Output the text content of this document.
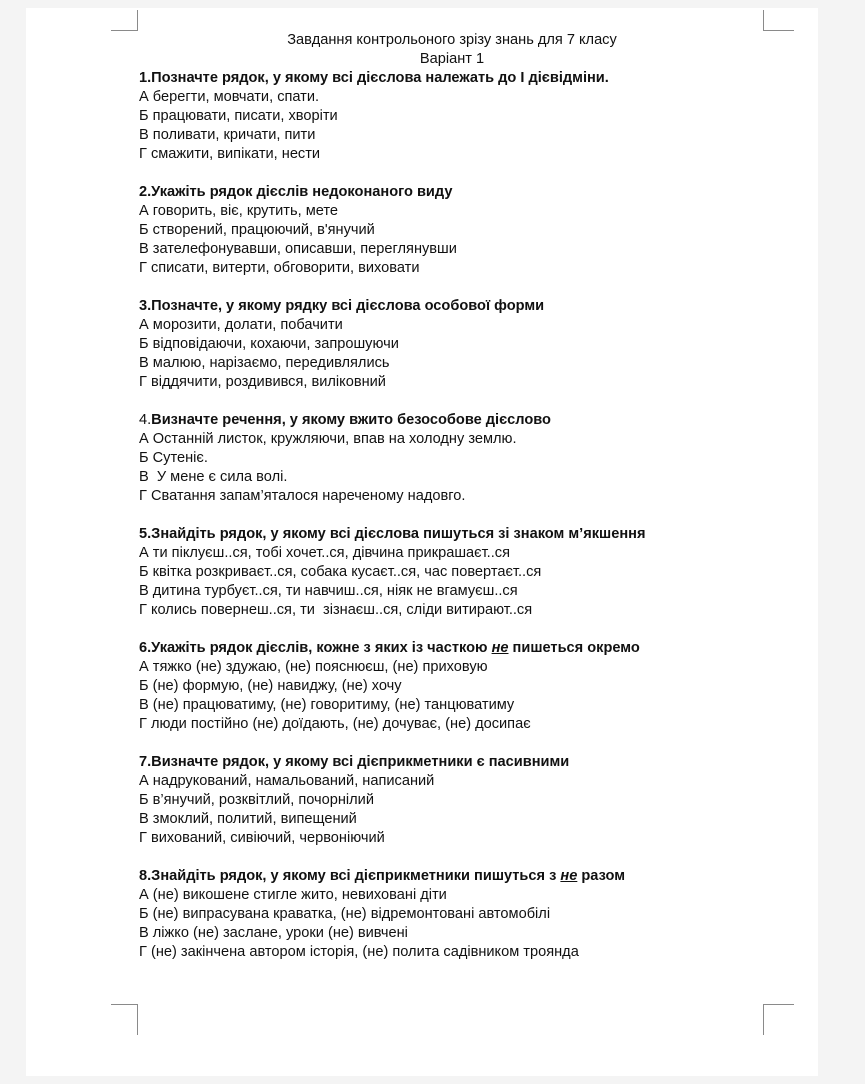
Завдання контрольоного зрізу знань для 7 класу
Варіант 1
1.Позначте рядок, у якому всі дієслова належать до І дієвідміни.
А берегти, мовчати, спати.
Б працювати, писати, хворіти
В поливати, кричати, пити
Г смажити, випікати, нести
2.Укажіть рядок дієслів недоконаного виду
А говорить, віє, крутить, мете
Б створений, працюючий, в'янучий
В зателефонувавши, описавши, переглянувши
Г списати, витерти, обговорити, виховати
3.Позначте, у якому рядку всі дієслова особової форми
А морозити, долати, побачити
Б відповідаючи, кохаючи, запрошуючи
В малюю, нарізаємо, передивлялись
Г віддячити, роздивився, виліковний
4.Визначте речення, у якому вжито безособове дієслово
А Останній листок, кружляючи, впав на холодну землю.
Б Сутеніє.
В  У мене є сила волі.
Г Сватання запам’яталося нареченому надовго.
5.Знайдіть рядок, у якому всі дієслова пишуться зі знаком м’якшення
А ти піклуєш..ся, тобі хочет..ся, дівчина прикрашаєт..ся
Б квітка розкриваєт..ся, собака кусаєт..ся, час повертаєт..ся
В дитина турбуєт..ся, ти навчиш..ся, ніяк не вгамуєш..ся
Г колись повернеш..ся, ти  зізнаєш..ся, сліди витирают..ся
6.Укажіть рядок дієслів, кожне з яких із часткою не пишеться окремо
А тяжко (не) здужаю, (не) пояснюєш, (не) приховую
Б (не) формую, (не) навиджу, (не) хочу
В (не) працюватиму, (не) говоритиму, (не) танцюватиму
Г люди постійно (не) доїдають, (не) дочуває, (не) досипає
7.Визначте рядок, у якому всі дієприкметники є пасивними
А надрукований, намальований, написаний
Б в’янучий, розквітлий, почорнілий
В змоклий, политий, випещений
Г вихований, сивіючий, червоніючий
8.Знайдіть рядок, у якому всі дієприкметники пишуться з не разом
А (не) викошене стигле жито, невиховані діти
Б (не) випрасувана краватка, (не) відремонтовані автомобілі
В ліжко (не) заслане, уроки (не) вивчені
Г (не) закінчена автором історія, (не) полита садівником троянда
